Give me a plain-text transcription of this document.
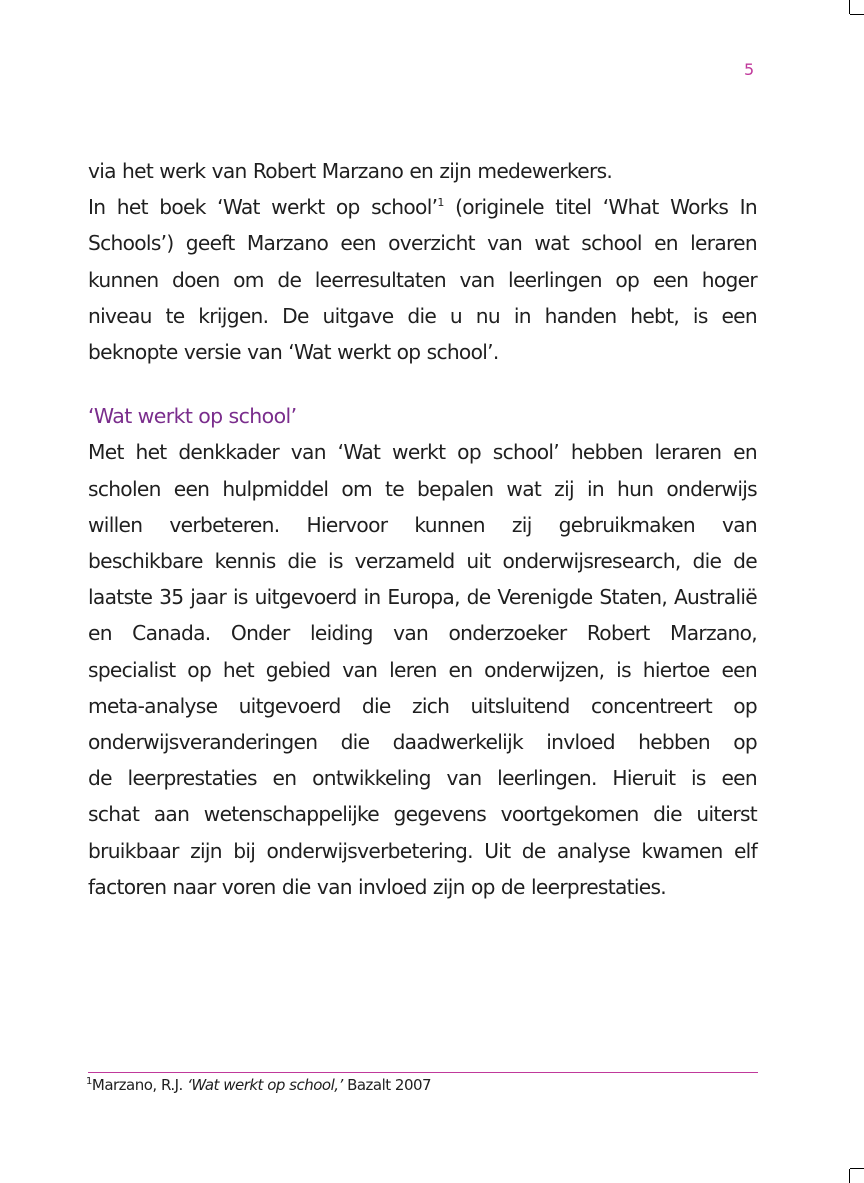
5

via het werk van Robert Marzano en zijn medewerkers.

In het boek ‘Wat werkt op school’$^1$ (originele titel ‘What Works In
Schools’) geeft Marzano een overzicht van wat school en leraren
kunnen doen om de leerresultaten van leerlingen op een hoger
niveau te krijgen. De uitgave die u nu in handen hebt, is een
beknopte versie van ‘Wat werkt op school’.

‘Wat werkt op school’

Met het denkkader van ‘Wat werkt op school’ hebben leraren en
scholen een hulpmiddel om te bepalen wat zij in hun onderwijs
willen verbeteren. Hiervoor kunnen zij gebruikmaken van
beschikbare kennis die is verzameld uit onderwijsresearch, die de
laatste 35 jaar is uitgevoerd in Europa, de Verenigde Staten, Australië
en Canada. Onder leiding van onderzoeker Robert Marzano,
specialist op het gebied van leren en onderwijzen, is hiertoe een
meta-analyse uitgevoerd die zich uitsluitend concentreert op
onderwijsveranderingen die daadwerkelijk invloed hebben op
de leerprestaties en ontwikkeling van leerlingen. Hieruit is een
schat aan wetenschappelijke gegevens voortgekomen die uiterst
bruikbaar zijn bij onderwijsverbetering. Uit de analyse kwamen elf
factoren naar voren die van invloed zijn op de leerprestaties.

$^1$Marzano, R.J. ‘Wat werkt op school,’ Bazalt 2007
